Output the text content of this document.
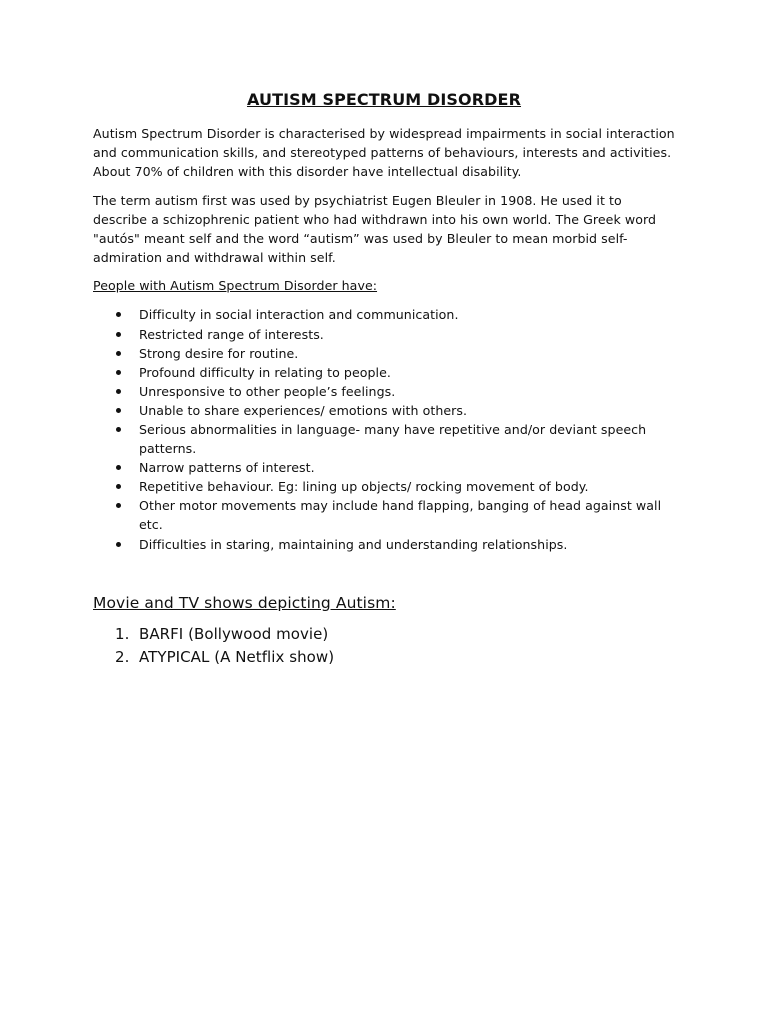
AUTISM SPECTRUM DISORDER

Autism Spectrum Disorder is characterised by widespread impairments in social interaction and communication skills, and stereotyped patterns of behaviours, interests and activities. About 70% of children with this disorder have intellectual disability.

The term autism first was used by psychiatrist Eugen Bleuler in 1908. He used it to describe a schizophrenic patient who had withdrawn into his own world. The Greek word "autós" meant self and the word “autism” was used by Bleuler to mean morbid self-admiration and withdrawal within self.

People with Autism Spectrum Disorder have:
Difficulty in social interaction and communication.
Restricted range of interests.
Strong desire for routine.
Profound difficulty in relating to people.
Unresponsive to other people’s feelings.
Unable to share experiences/ emotions with others.
Serious abnormalities in language- many have repetitive and/or deviant speech patterns.
Narrow patterns of interest.
Repetitive behaviour. Eg: lining up objects/ rocking movement of body.
Other motor movements may include hand flapping, banging of head against wall etc.
Difficulties in staring, maintaining and understanding relationships.
Movie and TV shows depicting Autism:
1. BARFI (Bollywood movie)
2. ATYPICAL (A Netflix show)
